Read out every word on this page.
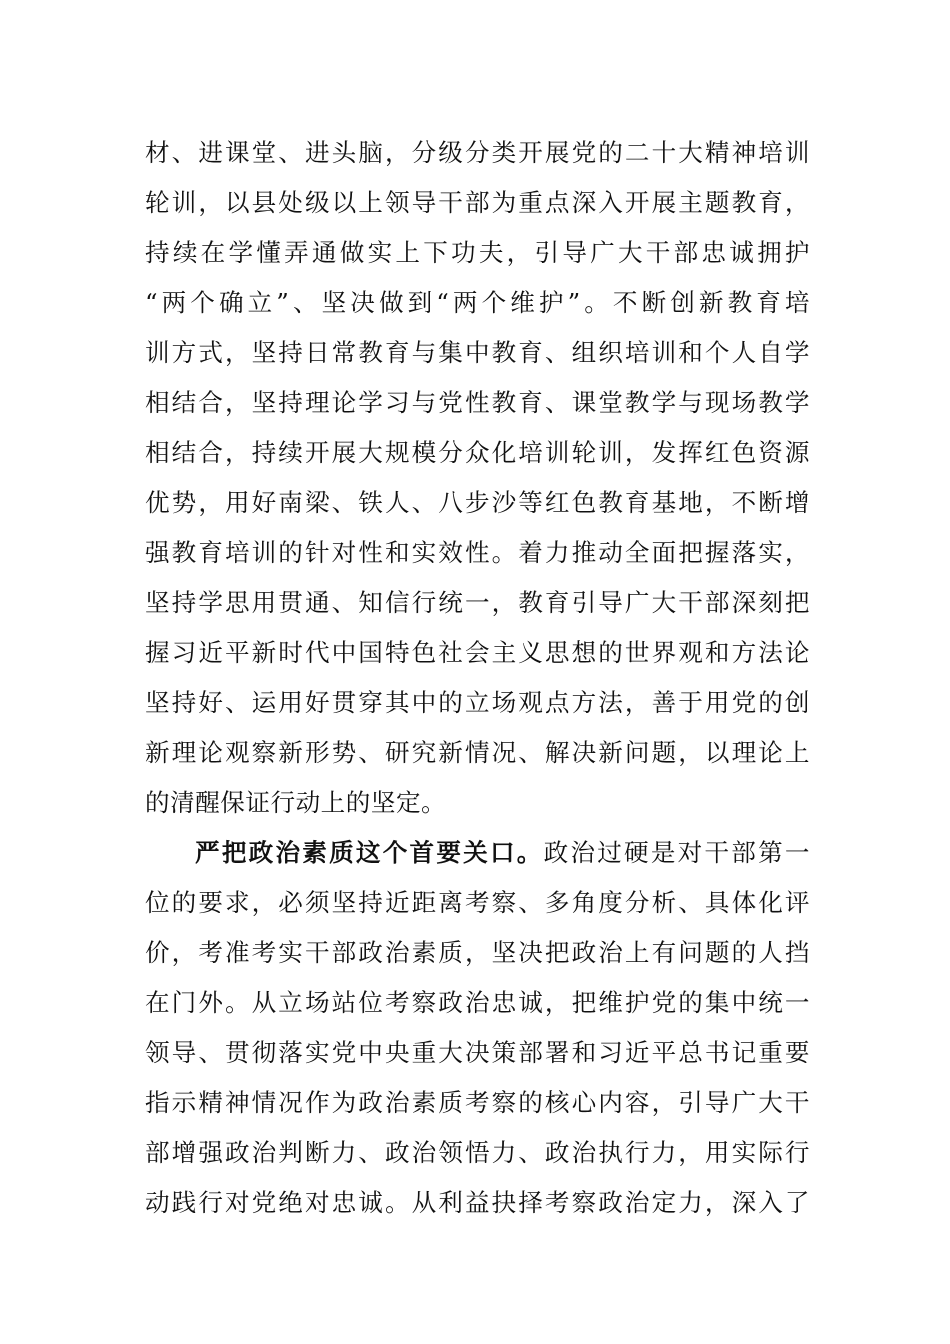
材、进课堂、进头脑，分级分类开展党的二十大精神培训
轮训，以县处级以上领导干部为重点深入开展主题教育，
持续在学懂弄通做实上下功夫，引导广大干部忠诚拥护
“两个确立”、坚决做到“两个维护”。不断创新教育培
训方式，坚持日常教育与集中教育、组织培训和个人自学
相结合，坚持理论学习与党性教育、课堂教学与现场教学
相结合，持续开展大规模分众化培训轮训，发挥红色资源
优势，用好南梁、铁人、八步沙等红色教育基地，不断增
强教育培训的针对性和实效性。着力推动全面把握落实，
坚持学思用贯通、知信行统一，教育引导广大干部深刻把
握习近平新时代中国特色社会主义思想的世界观和方法论
坚持好、运用好贯穿其中的立场观点方法，善于用党的创
新理论观察新形势、研究新情况、解决新问题，以理论上
的清醒保证行动上的坚定。
严把政治素质这个首要关口。政治过硬是对干部第一
位的要求，必须坚持近距离考察、多角度分析、具体化评
价，考准考实干部政治素质，坚决把政治上有问题的人挡
在门外。从立场站位考察政治忠诚，把维护党的集中统一
领导、贯彻落实党中央重大决策部署和习近平总书记重要
指示精神情况作为政治素质考察的核心内容，引导广大干
部增强政治判断力、政治领悟力、政治执行力，用实际行
动践行对党绝对忠诚。从利益抉择考察政治定力，深入了
